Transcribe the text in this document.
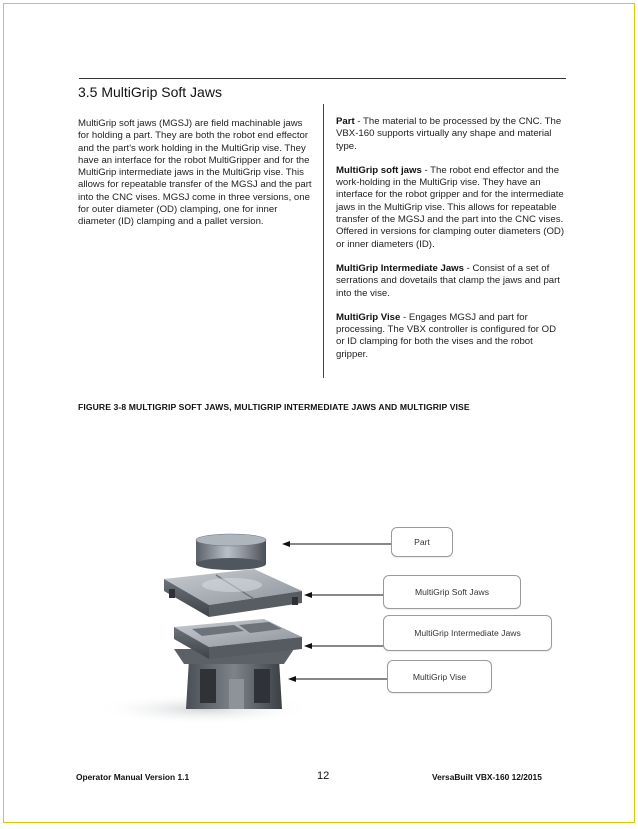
3.5 MultiGrip Soft Jaws

MultiGrip soft jaws (MGSJ) are field machinable jaws for holding a part. They are both the robot end effector and the part's work holding in the MultiGrip vise. They have an interface for the robot MultiGripper and for the MultiGrip intermediate jaws in the MultiGrip vise. This allows for repeatable transfer of the MGSJ and the part into the CNC vises. MGSJ come in three versions, one for outer diameter (OD) clamping, one for inner diameter (ID) clamping and a pallet version.

Part - The material to be processed by the CNC. The VBX-160 supports virtually any shape and material type.

MultiGrip soft jaws - The robot end effector and the work-holding in the MultiGrip vise. They have an interface for the robot gripper and for the intermediate jaws in the MultiGrip vise. This allows for repeatable transfer of the MGSJ and the part into the CNC vises. Offered in versions for clamping outer diameters (OD) or inner diameters (ID).

MultiGrip Intermediate Jaws - Consist of a set of serrations and dovetails that clamp the jaws and part into the vise.

MultiGrip Vise - Engages MGSJ and part for processing. The VBX controller is configured for OD or ID clamping for both the vises and the robot gripper.

FIGURE 3-8 MULTIGRIP SOFT JAWS, MULTIGRIP INTERMEDIATE JAWS AND MULTIGRIP VISE

Part
MultiGrip Soft Jaws
MultiGrip Intermediate Jaws
MultiGrip Vise
Operator Manual Version 1.1	12	VersaBuilt VBX-160 12/2015
